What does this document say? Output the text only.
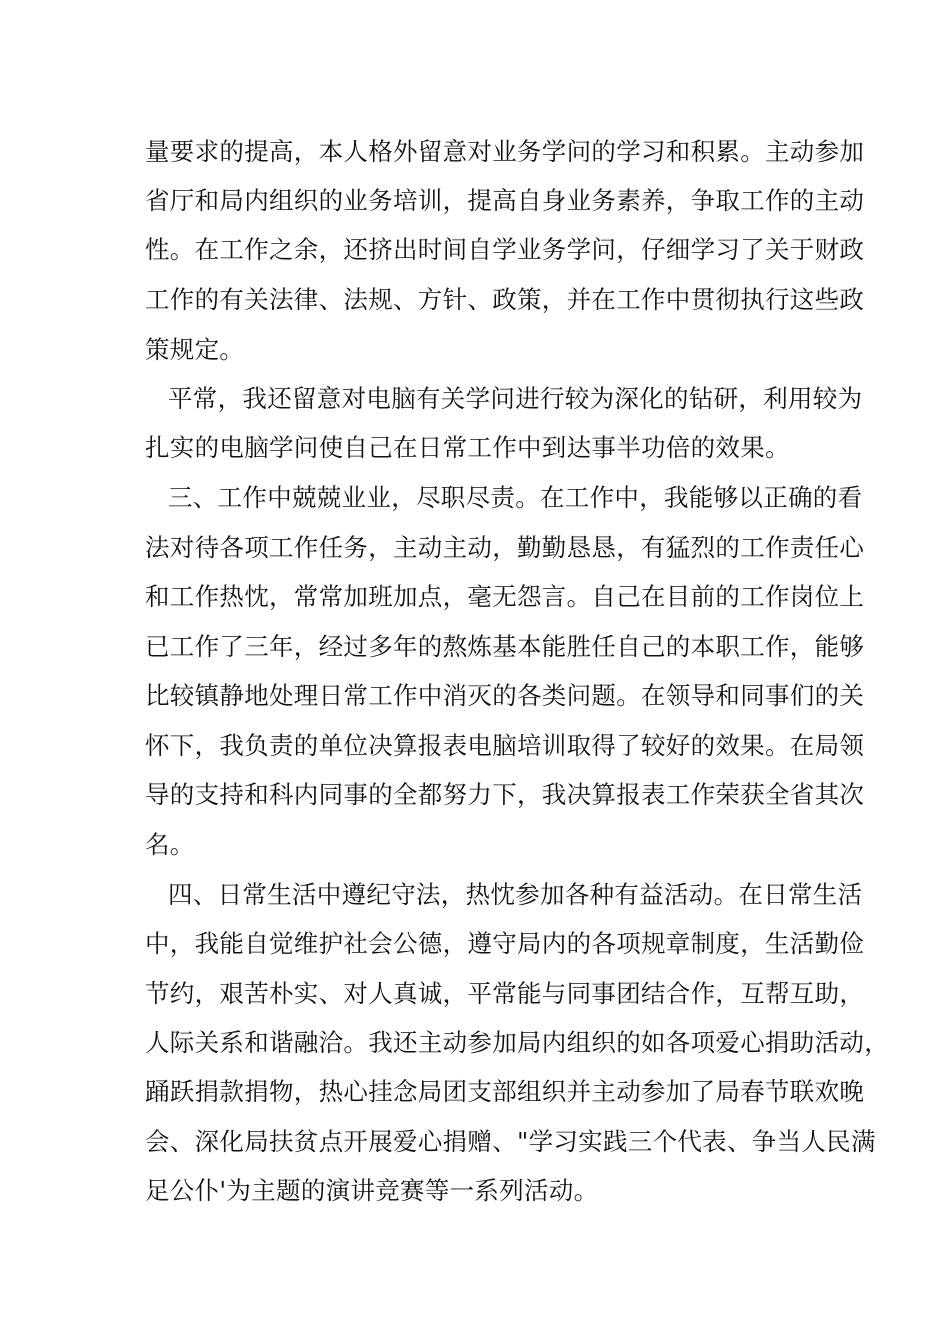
量要求的提高，本人格外留意对业务学问的学习和积累。主动参加
省厅和局内组织的业务培训，提高自身业务素养，争取工作的主动
性。在工作之余，还挤出时间自学业务学问，仔细学习了关于财政
工作的有关法律、法规、方针、政策，并在工作中贯彻执行这些政
策规定。
平常，我还留意对电脑有关学问进行较为深化的钻研，利用较为
扎实的电脑学问使自己在日常工作中到达事半功倍的效果。
三、工作中兢兢业业，尽职尽责。在工作中，我能够以正确的看
法对待各项工作任务，主动主动，勤勤恳恳，有猛烈的工作责任心
和工作热忱，常常加班加点，毫无怨言。自己在目前的工作岗位上
已工作了三年，经过多年的熬炼基本能胜任自己的本职工作，能够
比较镇静地处理日常工作中消灭的各类问题。在领导和同事们的关
怀下，我负责的单位决算报表电脑培训取得了较好的效果。在局领
导的支持和科内同事的全都努力下，我决算报表工作荣获全省其次
名。
四、日常生活中遵纪守法，热忱参加各种有益活动。在日常生活
中，我能自觉维护社会公德，遵守局内的各项规章制度，生活勤俭
节约，艰苦朴实、对人真诚，平常能与同事团结合作，互帮互助，
人际关系和谐融洽。我还主动参加局内组织的如各项爱心捐助活动，
踊跃捐款捐物，热心挂念局团支部组织并主动参加了局春节联欢晚
会、深化局扶贫点开展爱心捐赠、"学习实践三个代表、争当人民满
足公仆'为主题的演讲竞赛等一系列活动。
